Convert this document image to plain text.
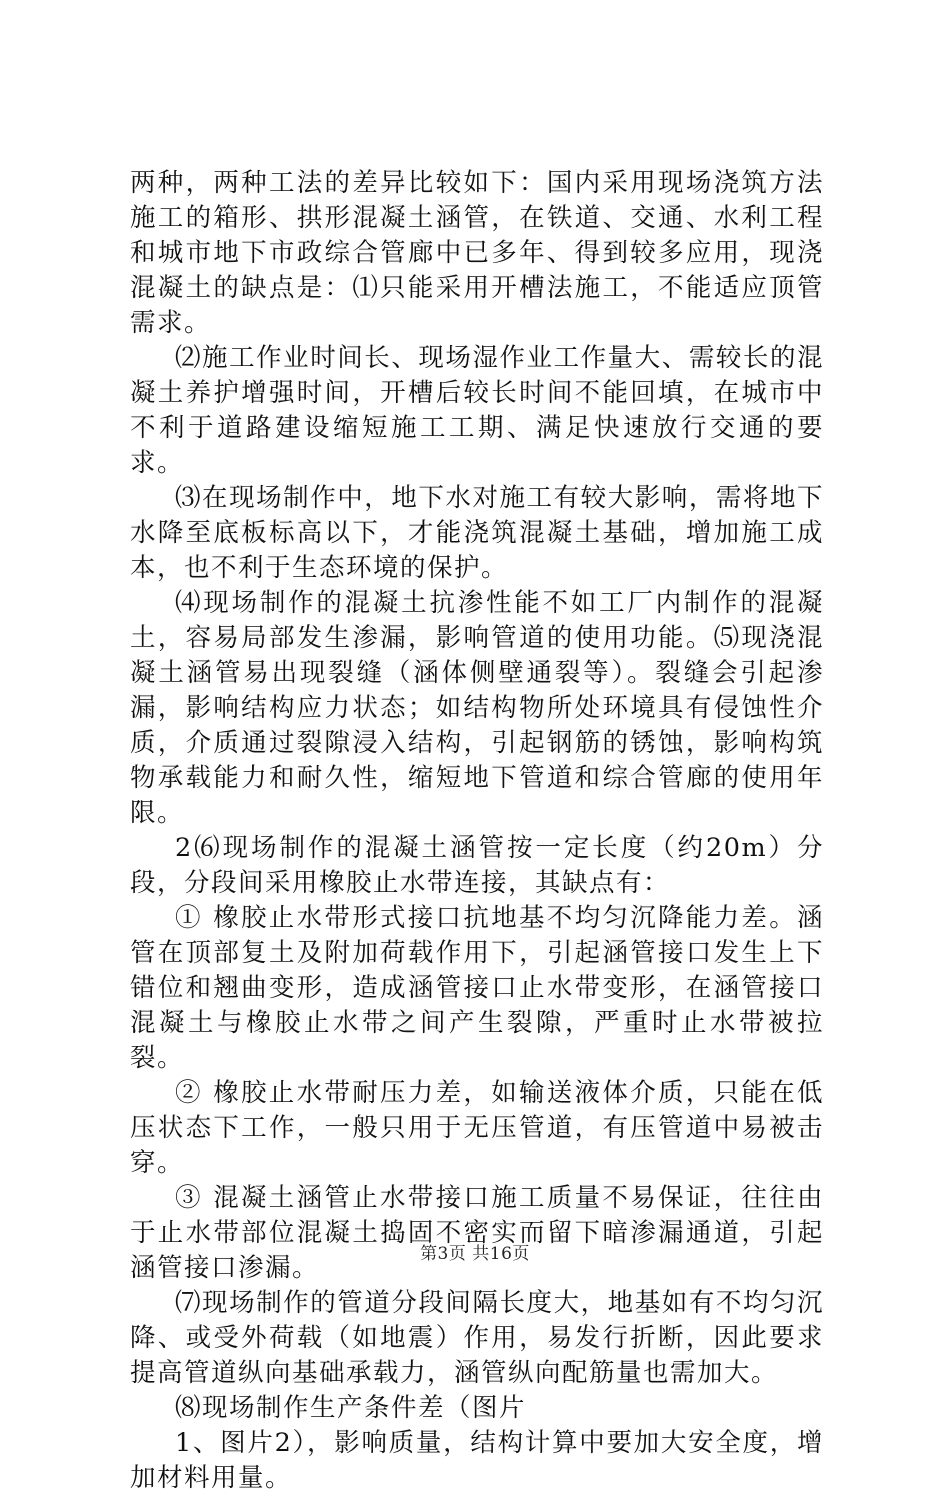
两种，两种工法的差异比较如下：国内采用现场浇筑方法施工的箱形、拱形混凝土涵管，在铁道、交通、水利工程和城市地下市政综合管廊中已多年、得到较多应用，现浇混凝土的缺点是：⑴只能采用开槽法施工，不能适应顶管需求。

⑵施工作业时间长、现场湿作业工作量大、需较长的混凝土养护增强时间，开槽后较长时间不能回填，在城市中不利于道路建设缩短施工工期、满足快速放行交通的要求。

⑶在现场制作中，地下水对施工有较大影响，需将地下水降至底板标高以下，才能浇筑混凝土基础，增加施工成本，也不利于生态环境的保护。

⑷现场制作的混凝土抗渗性能不如工厂内制作的混凝土，容易局部发生渗漏，影响管道的使用功能。⑸现浇混凝土涵管易出现裂缝（涵体侧壁通裂等）。裂缝会引起渗漏，影响结构应力状态；如结构物所处环境具有侵蚀性介质，介质通过裂隙浸入结构，引起钢筋的锈蚀，影响构筑物承载能力和耐久性，缩短地下管道和综合管廊的使用年限。

2⑹现场制作的混凝土涵管按一定长度（约20m）分段，分段间采用橡胶止水带连接，其缺点有：

① 橡胶止水带形式接口抗地基不均匀沉降能力差。涵管在顶部复土及附加荷载作用下，引起涵管接口发生上下错位和翘曲变形，造成涵管接口止水带变形，在涵管接口混凝土与橡胶止水带之间产生裂隙，严重时止水带被拉裂。

② 橡胶止水带耐压力差，如输送液体介质，只能在低压状态下工作，一般只用于无压管道，有压管道中易被击穿。

③ 混凝土涵管止水带接口施工质量不易保证，往往由于止水带部位混凝土捣固不密实而留下暗渗漏通道，引起涵管接口渗漏。

⑺现场制作的管道分段间隔长度大，地基如有不均匀沉降、或受外荷载（如地震）作用，易发行折断，因此要求提高管道纵向基础承载力，涵管纵向配筋量也需加大。

⑻现场制作生产条件差（图片

1、图片2），影响质量，结构计算中要加大安全度，增加材料用量。

第3页 共16页
